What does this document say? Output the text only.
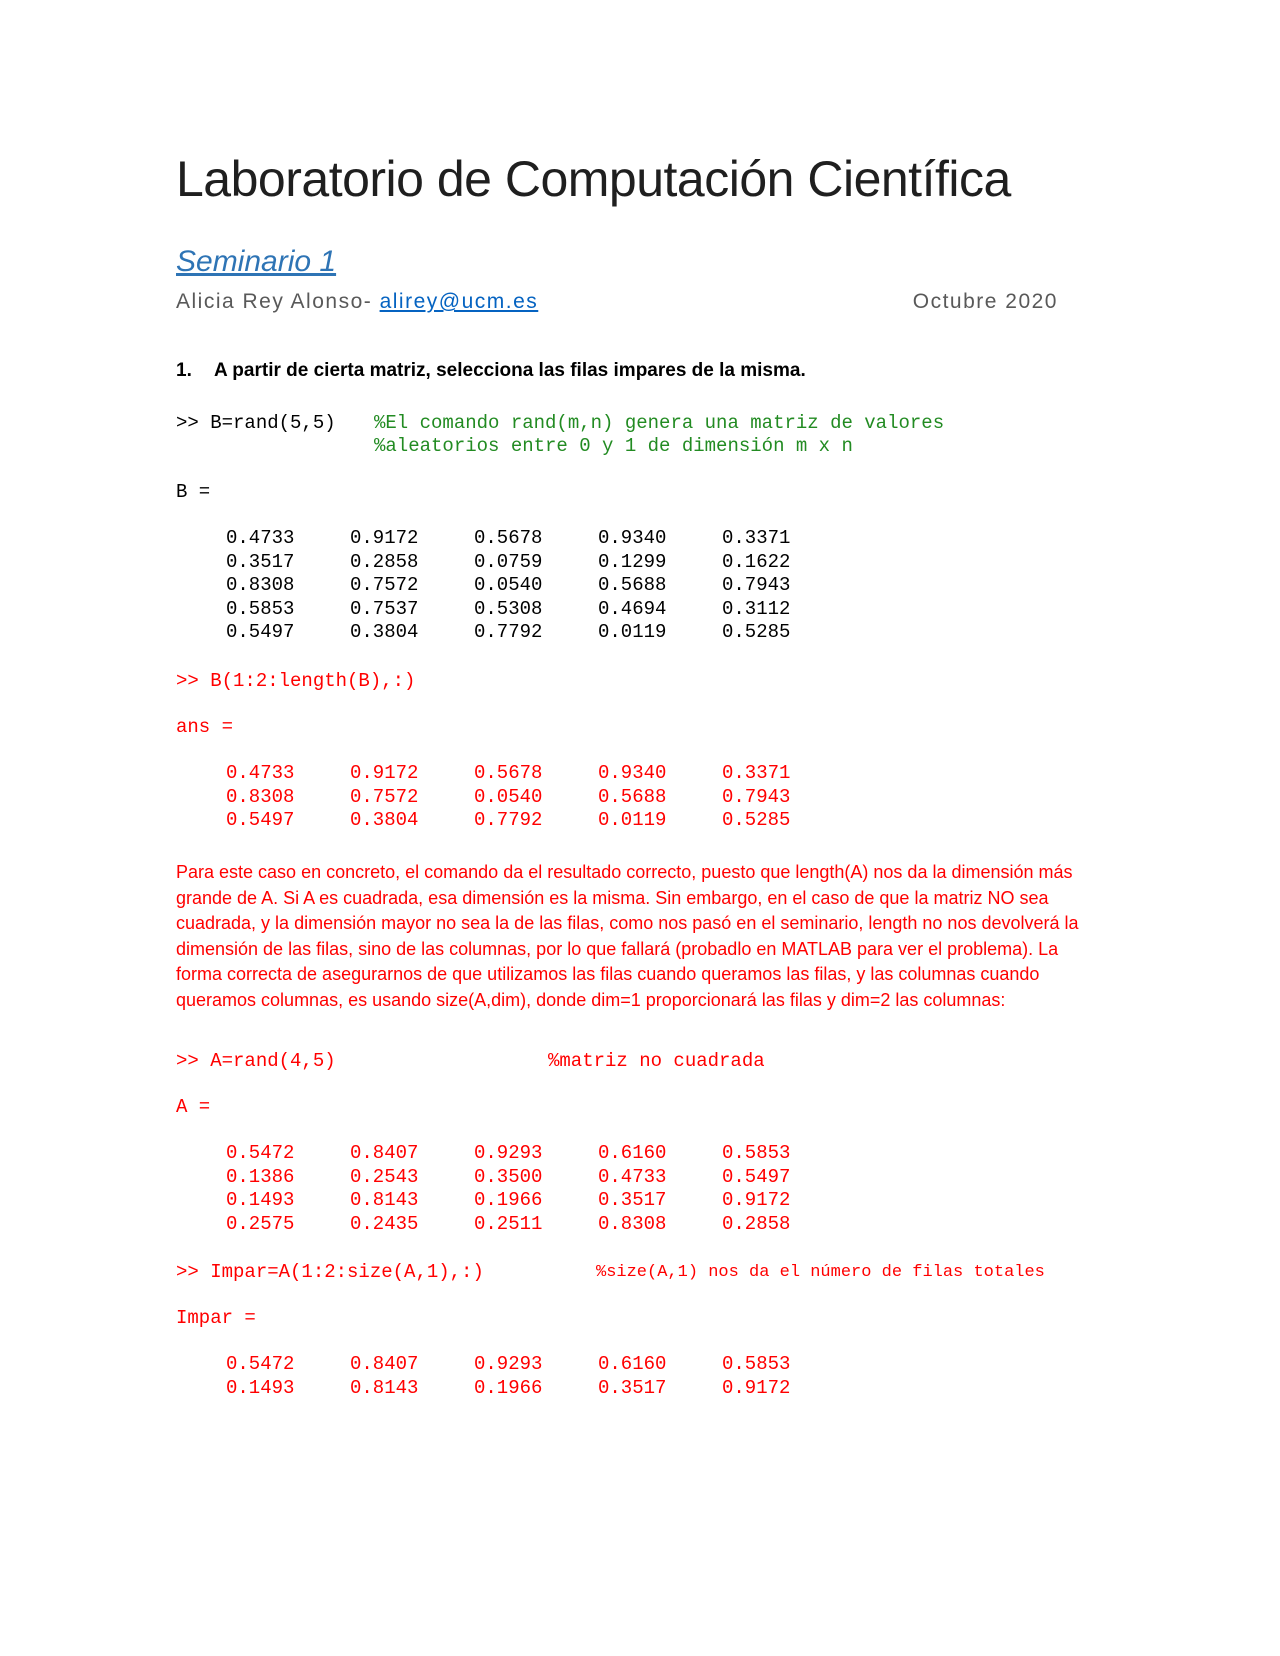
Laboratorio de Computación Científica
Seminario 1
Alicia Rey Alonso- alirey@ucm.es	Octubre 2020
1. A partir de cierta matriz, selecciona las filas impares de la misma.
>> B=rand(5,5) %El comando rand(m,n) genera una matriz de valores
%aleatorios entre 0 y 1 de dimensión m x n
B =
0.4733	0.9172	0.5678	0.9340	0.3371
0.3517	0.2858	0.0759	0.1299	0.1622
0.8308	0.7572	0.0540	0.5688	0.7943
0.5853	0.7537	0.5308	0.4694	0.3112
0.5497	0.3804	0.7792	0.0119	0.5285
>> B(1:2:length(B),:)
ans =
0.4733	0.9172	0.5678	0.9340	0.3371
0.8308	0.7572	0.0540	0.5688	0.7943
0.5497	0.3804	0.7792	0.0119	0.5285
Para este caso en concreto, el comando da el resultado correcto, puesto que length(A) nos da la dimensión más grande de A. Si A es cuadrada, esa dimensión es la misma. Sin embargo, en el caso de que la matriz NO sea cuadrada, y la dimensión mayor no sea la de las filas, como nos pasó en el seminario, length no nos devolverá la dimensión de las filas, sino de las columnas, por lo que fallará (probadlo en MATLAB para ver el problema). La forma correcta de asegurarnos de que utilizamos las filas cuando queramos las filas, y las columnas cuando queramos columnas, es usando size(A,dim), donde dim=1 proporcionará las filas y dim=2 las columnas:
>> A=rand(4,5)	%matriz no cuadrada
A =
0.5472	0.8407	0.9293	0.6160	0.5853
0.1386	0.2543	0.3500	0.4733	0.5497
0.1493	0.8143	0.1966	0.3517	0.9172
0.2575	0.2435	0.2511	0.8308	0.2858
>> Impar=A(1:2:size(A,1),:)	%size(A,1) nos da el número de filas totales
Impar =
0.5472	0.8407	0.9293	0.6160	0.5853
0.1493	0.8143	0.1966	0.3517	0.9172
